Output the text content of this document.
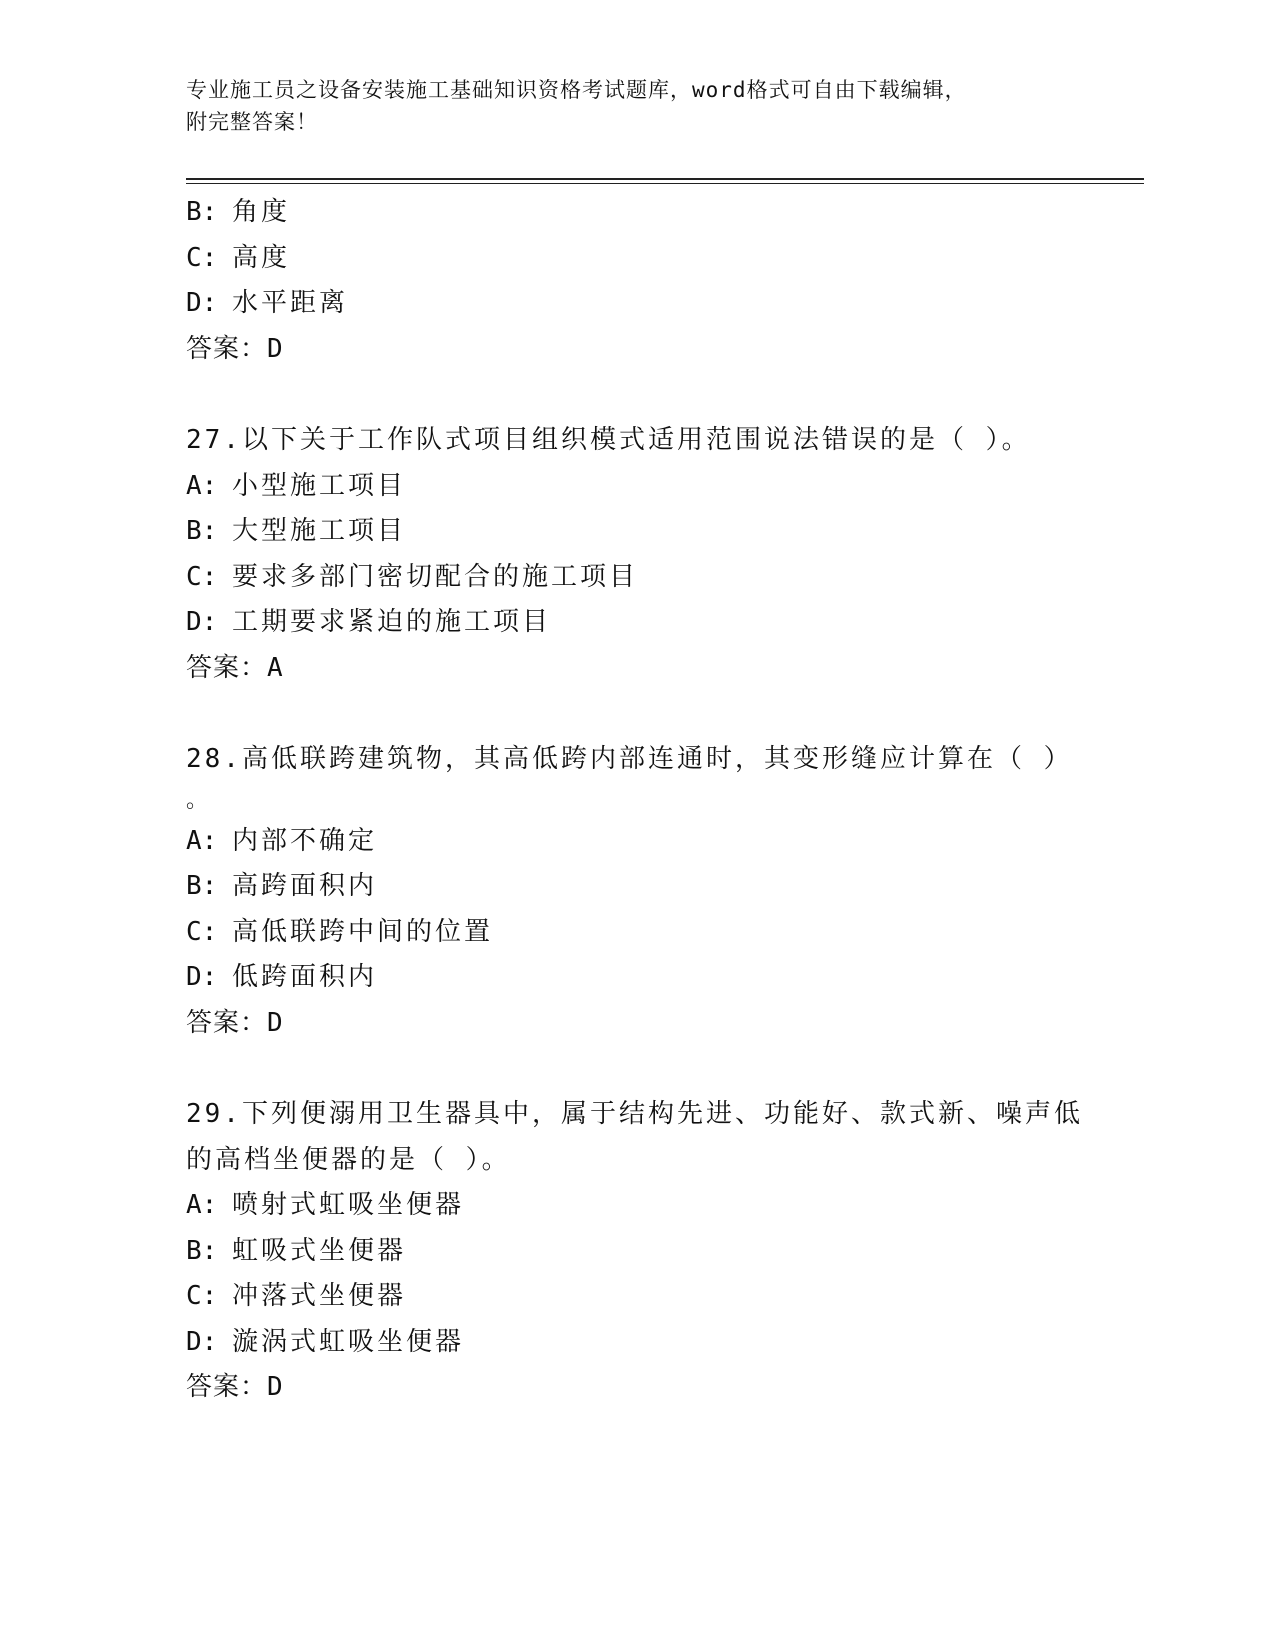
专业施工员之设备安装施工基础知识资格考试题库，word格式可自由下载编辑，
附完整答案！
B: 角度
C: 高度
D: 水平距离
答案：D
27.以下关于工作队式项目组织模式适用范围说法错误的是（ ）。
A: 小型施工项目
B: 大型施工项目
C: 要求多部门密切配合的施工项目
D: 工期要求紧迫的施工项目
答案：A
28.高低联跨建筑物，其高低跨内部连通时，其变形缝应计算在（ ）
。
A: 内部不确定
B: 高跨面积内
C: 高低联跨中间的位置
D: 低跨面积内
答案：D
29.下列便溺用卫生器具中，属于结构先进、功能好、款式新、噪声低
的高档坐便器的是（ ）。
A: 喷射式虹吸坐便器
B: 虹吸式坐便器
C: 冲落式坐便器
D: 漩涡式虹吸坐便器
答案：D
